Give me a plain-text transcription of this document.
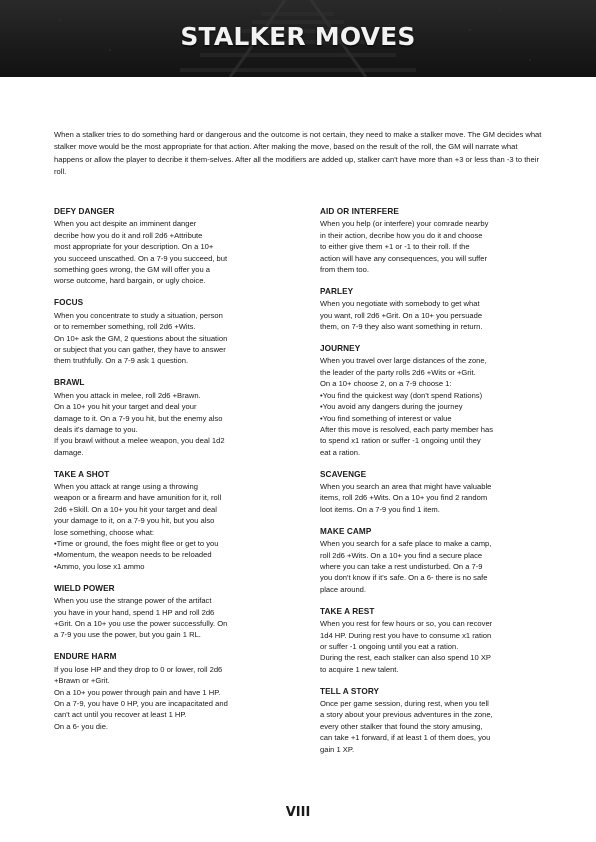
STALKER MOVES

When a stalker tries to do something hard or dangerous and the outcome is not certain, they need to make a stalker move. The GM decides what stalker move would be the most appropriate for that action. After making the move, based on the result of the roll, the GM will narrate what happens or allow the player to decribe it them-selves. After all the modifiers are added up, stalker can't have more than +3 or less than -3 to their roll.

DEFY DANGER

When you act despite an imminent danger
decribe how you do it and roll 2d6 +Attribute
most appropriate for your description. On a 10+
you succeed unscathed. On a 7-9 you succeed, but
something goes wrong, the GM will offer you a
worse outcome, hard bargain, or ugly choice.

FOCUS

When you concentrate to study a situation, person
or to remember something, roll 2d6 +Wits.
On 10+ ask the GM, 2 questions about the situation
or subject that you can gather, they have to answer
them truthfully. On a 7-9 ask 1 question.

BRAWL

When you attack in melee, roll 2d6 +Brawn.
On a 10+ you hit your target and deal your
damage to it. On a 7-9 you hit, but the enemy also
deals it's damage to you.
If you brawl without a melee weapon, you deal 1d2
damage.

TAKE A SHOT

When you attack at range using a throwing
weapon or a firearm and have amunition for it, roll
2d6 +Skill. On a 10+ you hit your target and deal
your damage to it, on a 7-9 you hit, but you also
lose something, choose what:
•Time or ground, the foes might flee or get to you
•Momentum, the weapon needs to be reloaded
•Ammo, you lose x1 ammo

WIELD POWER

When you use the strange power of the artifact
you have in your hand, spend 1 HP and roll 2d6
+Grit. On a 10+ you use the power successfully. On
a 7-9 you use the power, but you gain 1 RL.

ENDURE HARM

If you lose HP and they drop to 0 or lower, roll 2d6
+Brawn or +Grit.
On a 10+ you power through pain and have 1 HP.
On a 7-9, you have 0 HP, you are incapacitated and
can't act until you recover at least 1 HP.
On a 6- you die.

AID OR INTERFERE

When you help (or interfere) your comrade nearby
in their action, decribe how you do it and choose
to either give them +1 or -1 to their roll. If the
action will have any consequences, you will suffer
from them too.

PARLEY

When you negotiate with somebody to get what
you want, roll 2d6 +Grit. On a 10+ you persuade
them, on 7-9 they also want something in return.

JOURNEY

When you travel over large distances of the zone,
the leader of the party rolls 2d6 +Wits or +Grit.
On a 10+ choose 2, on a 7-9 choose 1:
•You find the quickest way (don't spend Rations)
•You avoid any dangers during the journey
•You find something of interest or value
After this move is resolved, each party member has
to spend x1 ration or suffer -1 ongoing until they
eat a ration.

SCAVENGE

When you search an area that might have valuable
items, roll 2d6 +Wits. On a 10+ you find 2 random
loot items. On a 7-9 you find 1 item.

MAKE CAMP

When you search for a safe place to make a camp,
roll 2d6 +Wits. On a 10+ you find a secure place
where you can take a rest undisturbed. On a 7-9
you don't know if it's safe. On a 6- there is no safe
place around.

TAKE A REST

When you rest for few hours or so, you can recover
1d4 HP. During rest you have to consume x1 ration
or suffer -1 ongoing until you eat a ration.
During the rest, each stalker can also spend 10 XP
to acquire 1 new talent.

TELL A STORY

Once per game session, during rest, when you tell
a story about your previous adventures in the zone,
every other stalker that found the story amusing,
can take +1 forward, if at least 1 of them does, you
gain 1 XP.

VIII
